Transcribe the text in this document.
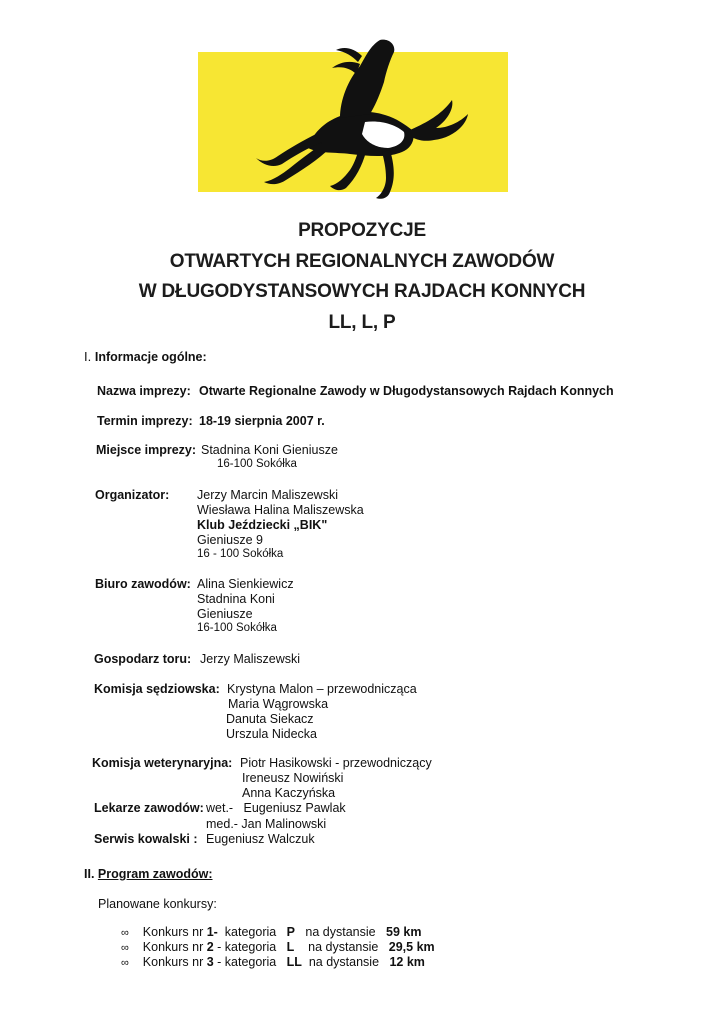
PROPOZYCJE
OTWARTYCH REGIONALNYCH ZAWODÓW
W DŁUGODYSTANSOWYCH RAJDACH KONNYCH
LL, L, P
I. Informacje ogólne:
Nazwa imprezy: Otwarte Regionalne Zawody w Długodystansowych Rajdach Konnych
Termin imprezy: 18-19 sierpnia 2007 r.
Miejsce imprezy: Stadnina Koni Gieniusze
16-100 Sokółka
Organizator: Jerzy Marcin Maliszewski
Wiesława Halina Maliszewska
Klub Jeździecki „BIK"
Gieniusze 9
16 - 100 Sokółka
Biuro zawodów: Alina Sienkiewicz
Stadnina Koni
Gieniusze
16-100 Sokółka
Gospodarz toru: Jerzy Maliszewski
Komisja sędziowska: Krystyna Malon – przewodnicząca
Maria Wągrowska
Danuta Siekacz
Urszula Nidecka
Komisja weterynaryjna: Piotr Hasikowski - przewodniczący
Ireneusz Nowiński
Anna Kaczyńska
Lekarze zawodów: wet.-   Eugeniusz Pawlak
med.- Jan Malinowski
Serwis kowalski : Eugeniusz Walczuk
II. Program zawodów:
Planowane konkursy:

∞ Konkurs nr 1-  kategoria   P   na dystansie   59 km

∞ Konkurs nr 2 - kategoria   L    na dystansie   29,5 km

∞ Konkurs nr 3 - kategoria   LL  na dystansie   12 km
